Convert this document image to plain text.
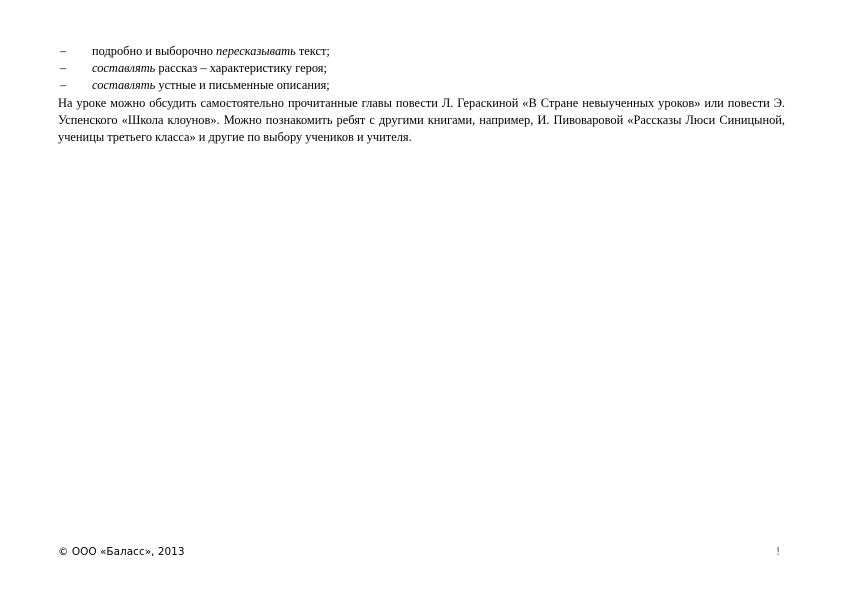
–	подробно и выборочно пересказывать текст;
–	составлять рассказ – характеристику героя;
–	составлять устные и письменные описания;
На уроке можно обсудить самостоятельно прочитанные главы повести Л. Гераскиной «В Стране невыученных уроков» или повести Э. Успенского «Школа клоунов». Можно познакомить ребят с другими книгами, например, И. Пивоваровой «Рассказы Люси Синицыной, ученицы третьего класса» и другие по выбору учеников и учителя.
© ООО «Баласс», 2013	!
